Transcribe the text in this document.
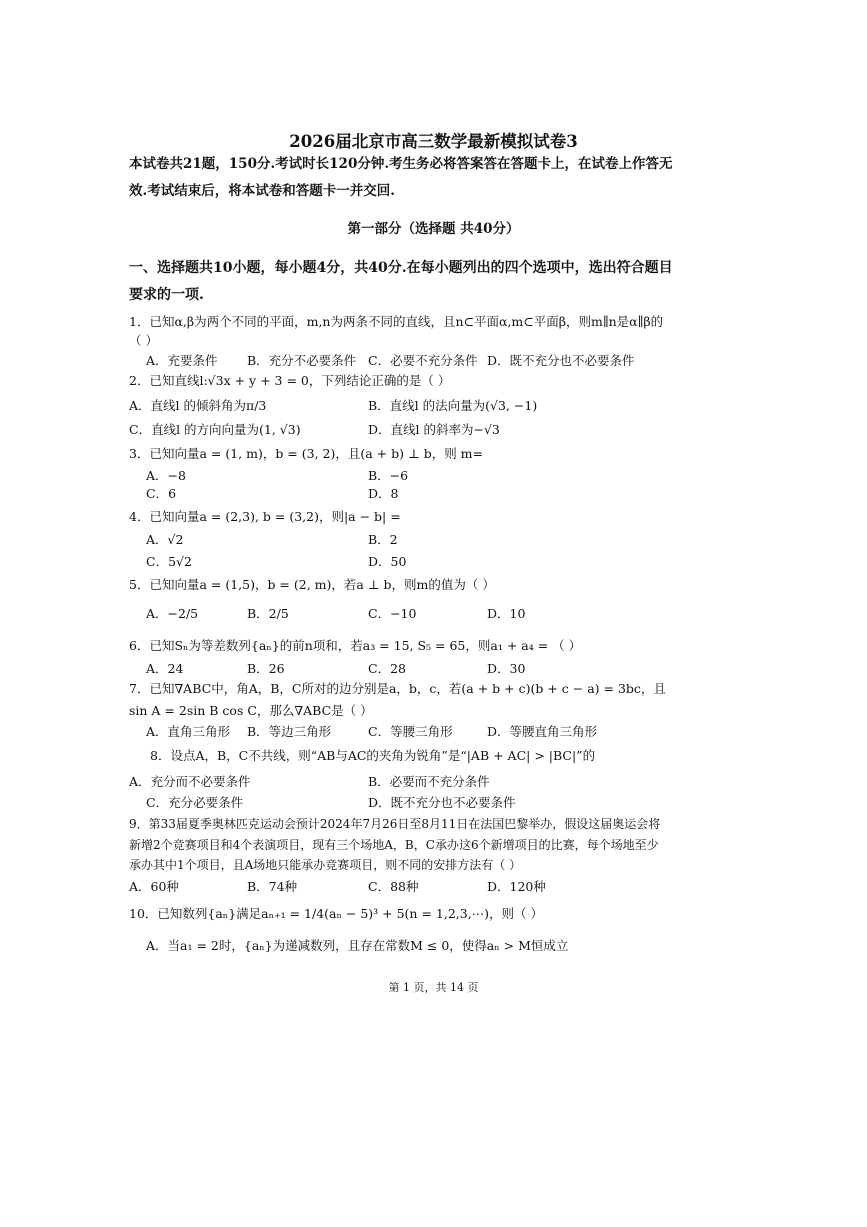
2026届北京市高三数学最新模拟试卷3
本试卷共21题，150分.考试时长120分钟.考生务必将答案答在答题卡上，在试卷上作答无
效.考试结束后，将本试卷和答题卡一并交回.
第一部分（选择题 共40分）
一、选择题共10小题，每小题4分，共40分.在每小题列出的四个选项中，选出符合题目
要求的一项.
1．已知α,β为两个不同的平面，m,n为两条不同的直线，且n⊂平面α,m⊂平面β，则m∥n是α∥β的
（ ）
A．充要条件 B．充分不必要条件 C．必要不充分条件 D．既不充分也不必要条件
2．已知直线l:√3x + y + 3 = 0，下列结论正确的是（ ）
A．直线l 的倾斜角为π/3	B．直线l 的法向量为(√3, −1)
C．直线l 的方向向量为(1, √3)	D．直线l 的斜率为−√3
3．已知向量a = (1, m)，b = (3, 2)，且(a + b) ⊥ b，则 m=
A．−8	B．−6
C．6	D．8
4．已知向量a = (2,3), b = (3,2)，则|a − b| =
A．√2	B．2
C．5√2	D．50
5．已知向量a = (1,5)，b = (2, m)，若a ⊥ b，则m的值为（ ）
A．−2/5	B．2/5	C．−10	D．10
6．已知Sₙ为等差数列{aₙ}的前n项和，若a₃ = 15, S₅ = 65，则a₁ + a₄ = （ ）
A．24	B．26	C．28	D．30
7．已知∇ABC中，角A，B，C所对的边分别是a，b，c，若(a + b + c)(b + c − a) = 3bc，且
sin A = 2sin B cos C，那么∇ABC是（ ）
A．直角三角形 B．等边三角形	C．等腰三角形	D．等腰直角三角形
8．设点A，B，C不共线，则“AB与AC的夹角为锐角”是“|AB + AC| > |BC|”的
A．充分而不必要条件	B．必要而不充分条件
C．充分必要条件	D．既不充分也不必要条件
9．第33届夏季奥林匹克运动会预计2024年7月26日至8月11日在法国巴黎举办，假设这届奥运会将
新增2个竞赛项目和4个表演项目，现有三个场地A，B，C承办这6个新增项目的比赛，每个场地至少
承办其中1个项目，且A场地只能承办竞赛项目，则不同的安排方法有（ ）
A．60种	B．74种	C．88种	D．120种
10．已知数列{aₙ}满足aₙ₊₁ = 1/4(aₙ − 5)³ + 5(n = 1,2,3,⋯)，则（ ）
A．当a₁ = 2时，{aₙ}为递减数列，且存在常数M ≤ 0，使得aₙ > M恒成立
第 1 页，共 14 页
